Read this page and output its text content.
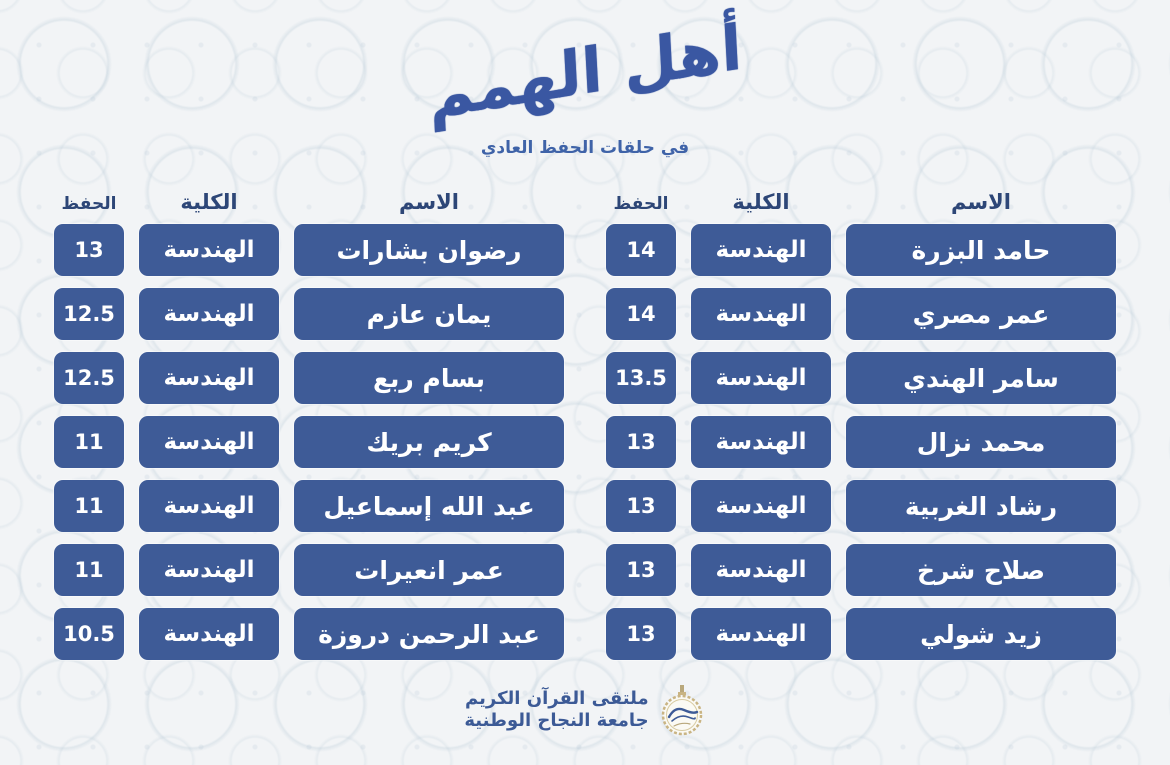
أهل الهمم
في حلقات الحفظ العادي
الاسم
الكلية
الحفظ
حامد البزرة
الهندسة
14
عمر مصري
الهندسة
14
سامر الهندي
الهندسة
13.5
محمد نزال
الهندسة
13
رشاد الغربية
الهندسة
13
صلاح شرخ
الهندسة
13
زيد شولي
الهندسة
13
الاسم
الكلية
الحفظ
رضوان بشارات
الهندسة
13
يمان عازم
الهندسة
12.5
بسام ربع
الهندسة
12.5
كريم بريك
الهندسة
11
عبد الله إسماعيل
الهندسة
11
عمر انعيرات
الهندسة
11
عبد الرحمن دروزة
الهندسة
10.5
ملتقى القرآن الكريم
جامعة النجاح الوطنية
